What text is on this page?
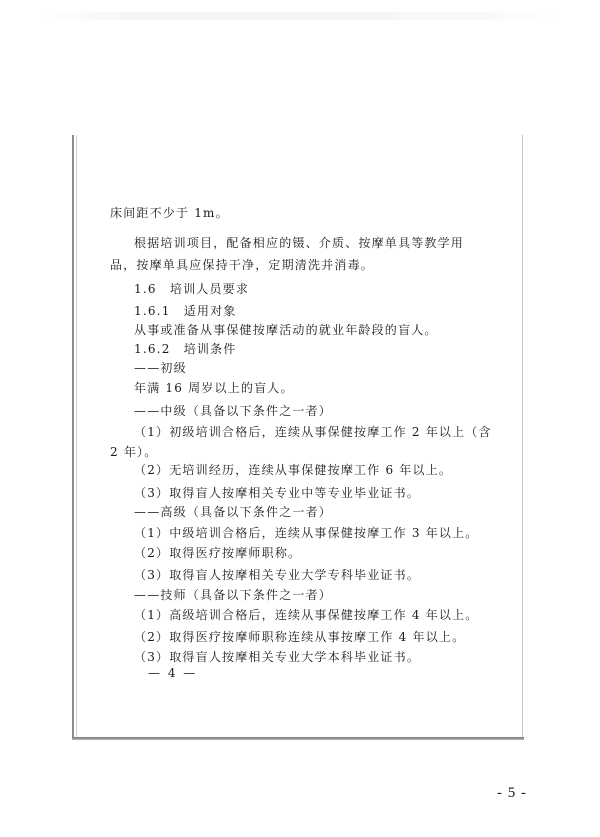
床间距不少于 1m。
根据培训项目，配备相应的镊、介质、按摩单具等教学用
品，按摩单具应保持干净，定期清洗并消毒。
1.6　培训人员要求
1.6.1　适用对象
从事或准备从事保健按摩活动的就业年龄段的盲人。
1.6.2　培训条件
——初级
年满 16 周岁以上的盲人。
——中级（具备以下条件之一者）
（1）初级培训合格后，连续从事保健按摩工作 2 年以上（含
2 年）。
（2）无培训经历，连续从事保健按摩工作 6 年以上。
（3）取得盲人按摩相关专业中等专业毕业证书。
——高级（具备以下条件之一者）
（1）中级培训合格后，连续从事保健按摩工作 3 年以上。
（2）取得医疗按摩师职称。
（3）取得盲人按摩相关专业大学专科毕业证书。
——技师（具备以下条件之一者）
（1）高级培训合格后，连续从事保健按摩工作 4 年以上。
（2）取得医疗按摩师职称连续从事按摩工作 4 年以上。
（3）取得盲人按摩相关专业大学本科毕业证书。
— 4 —
- 5 -
